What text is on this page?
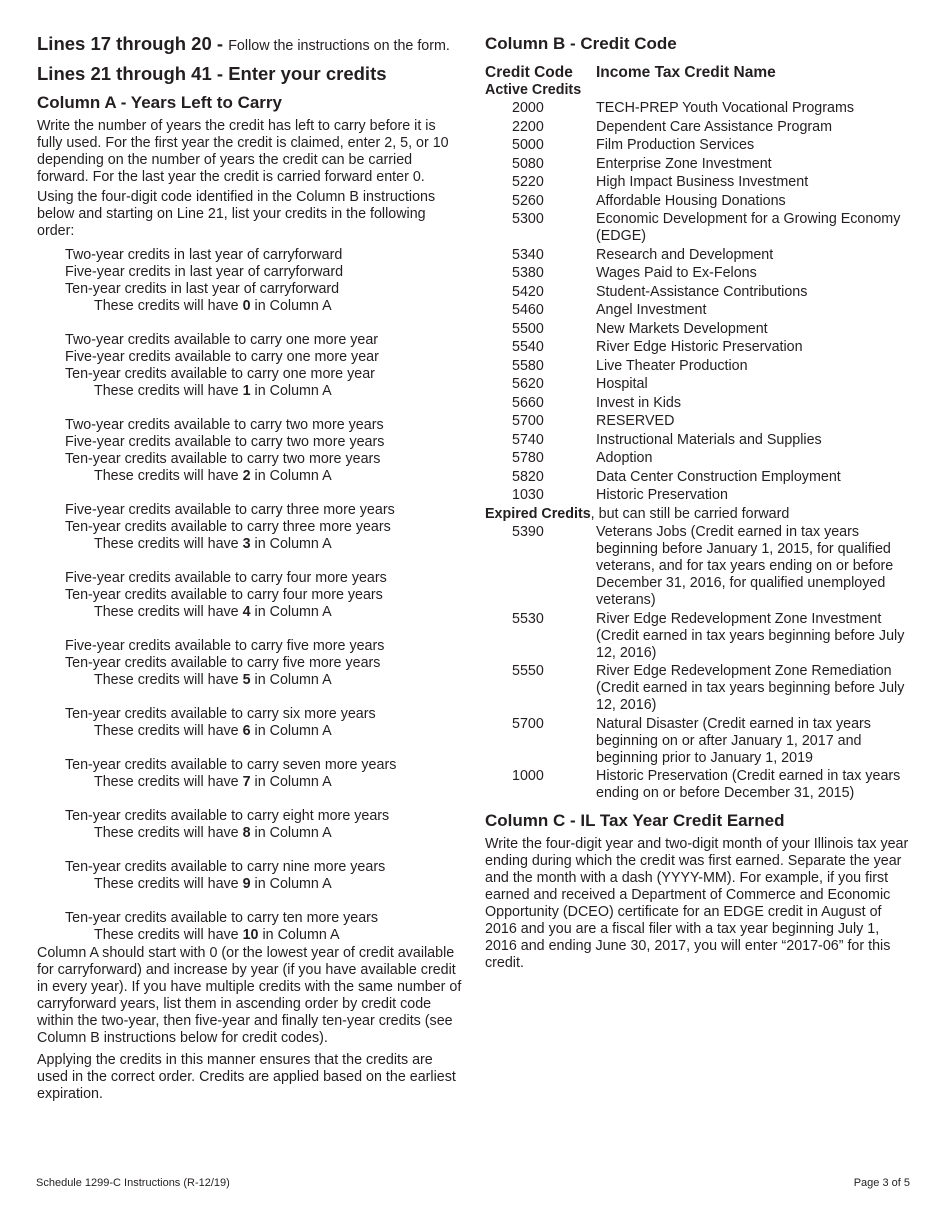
Lines 17 through 20 - Follow the instructions on the form.

Lines 21 through 41 - Enter your credits

Column A - Years Left to Carry

Write the number of years the credit has left to carry before it is fully used. For the first year the credit is claimed, enter 2, 5, or 10 depending on the number of years the credit can be carried forward. For the last year the credit is carried forward enter 0.

Using the four-digit code identified in the Column B instructions below and starting on Line 21, list your credits in the following order:

Two-year credits in last year of carryforward
Five-year credits in last year of carryforward
Ten-year credits in last year of carryforward
These credits will have 0 in Column A
Two-year credits available to carry one more year
Five-year credits available to carry one more year
Ten-year credits available to carry one more year
These credits will have 1 in Column A
Two-year credits available to carry two more years
Five-year credits available to carry two more years
Ten-year credits available to carry two more years
These credits will have 2 in Column A
Five-year credits available to carry three more years
Ten-year credits available to carry three more years
These credits will have 3 in Column A
Five-year credits available to carry four more years
Ten-year credits available to carry four more years
These credits will have 4 in Column A
Five-year credits available to carry five more years
Ten-year credits available to carry five more years
These credits will have 5 in Column A
Ten-year credits available to carry six more years
These credits will have 6 in Column A
Ten-year credits available to carry seven more years
These credits will have 7 in Column A
Ten-year credits available to carry eight more years
These credits will have 8 in Column A
Ten-year credits available to carry nine more years
These credits will have 9 in Column A
Ten-year credits available to carry ten more years
These credits will have 10 in Column A

Column A should start with 0 (or the lowest year of credit available for carryforward) and increase by year (if you have available credit in every year). If you have multiple credits with the same number of carryforward years, list them in ascending order by credit code within the two-year, then five-year and finally ten-year credits (see Column B instructions below for credit codes).

Applying the credits in this manner ensures that the credits are used in the correct order. Credits are applied based on the earliest expiration.

Column B - Credit Code

Credit Code	Income Tax Credit Name
Active Credits
2000	TECH-PREP Youth Vocational Programs
2200	Dependent Care Assistance Program
5000	Film Production Services
5080	Enterprise Zone Investment
5220	High Impact Business Investment
5260	Affordable Housing Donations
5300	Economic Development for a Growing Economy (EDGE)
5340	Research and Development
5380	Wages Paid to Ex-Felons
5420	Student-Assistance Contributions
5460	Angel Investment
5500	New Markets Development
5540	River Edge Historic Preservation
5580	Live Theater Production
5620	Hospital
5660	Invest in Kids
5700	RESERVED
5740	Instructional Materials and Supplies
5780	Adoption
5820	Data Center Construction Employment
1030	Historic Preservation
Expired Credits, but can still be carried forward
5390	Veterans Jobs (Credit earned in tax years beginning before January 1, 2015, for qualified veterans, and for tax years ending on or before December 31, 2016, for qualified unemployed veterans)
5530	River Edge Redevelopment Zone Investment (Credit earned in tax years beginning before July 12, 2016)
5550	River Edge Redevelopment Zone Remediation (Credit earned in tax years beginning before July 12, 2016)
5700	Natural Disaster (Credit earned in tax years beginning on or after January 1, 2017 and beginning prior to January 1, 2019
1000	Historic Preservation (Credit earned in tax years ending on or before December 31, 2015)

Column C - IL Tax Year Credit Earned

Write the four-digit year and two-digit month of your Illinois tax year ending during which the credit was first earned. Separate the year and the month with a dash (YYYY-MM). For example, if you first earned and received a Department of Commerce and Economic Opportunity (DCEO) certificate for an EDGE credit in August of 2016 and you are a fiscal filer with a tax year beginning July 1, 2016 and ending June 30, 2017, you will enter “2017-06” for this credit.

Schedule 1299-C Instructions (R-12/19)	Page 3 of 5
